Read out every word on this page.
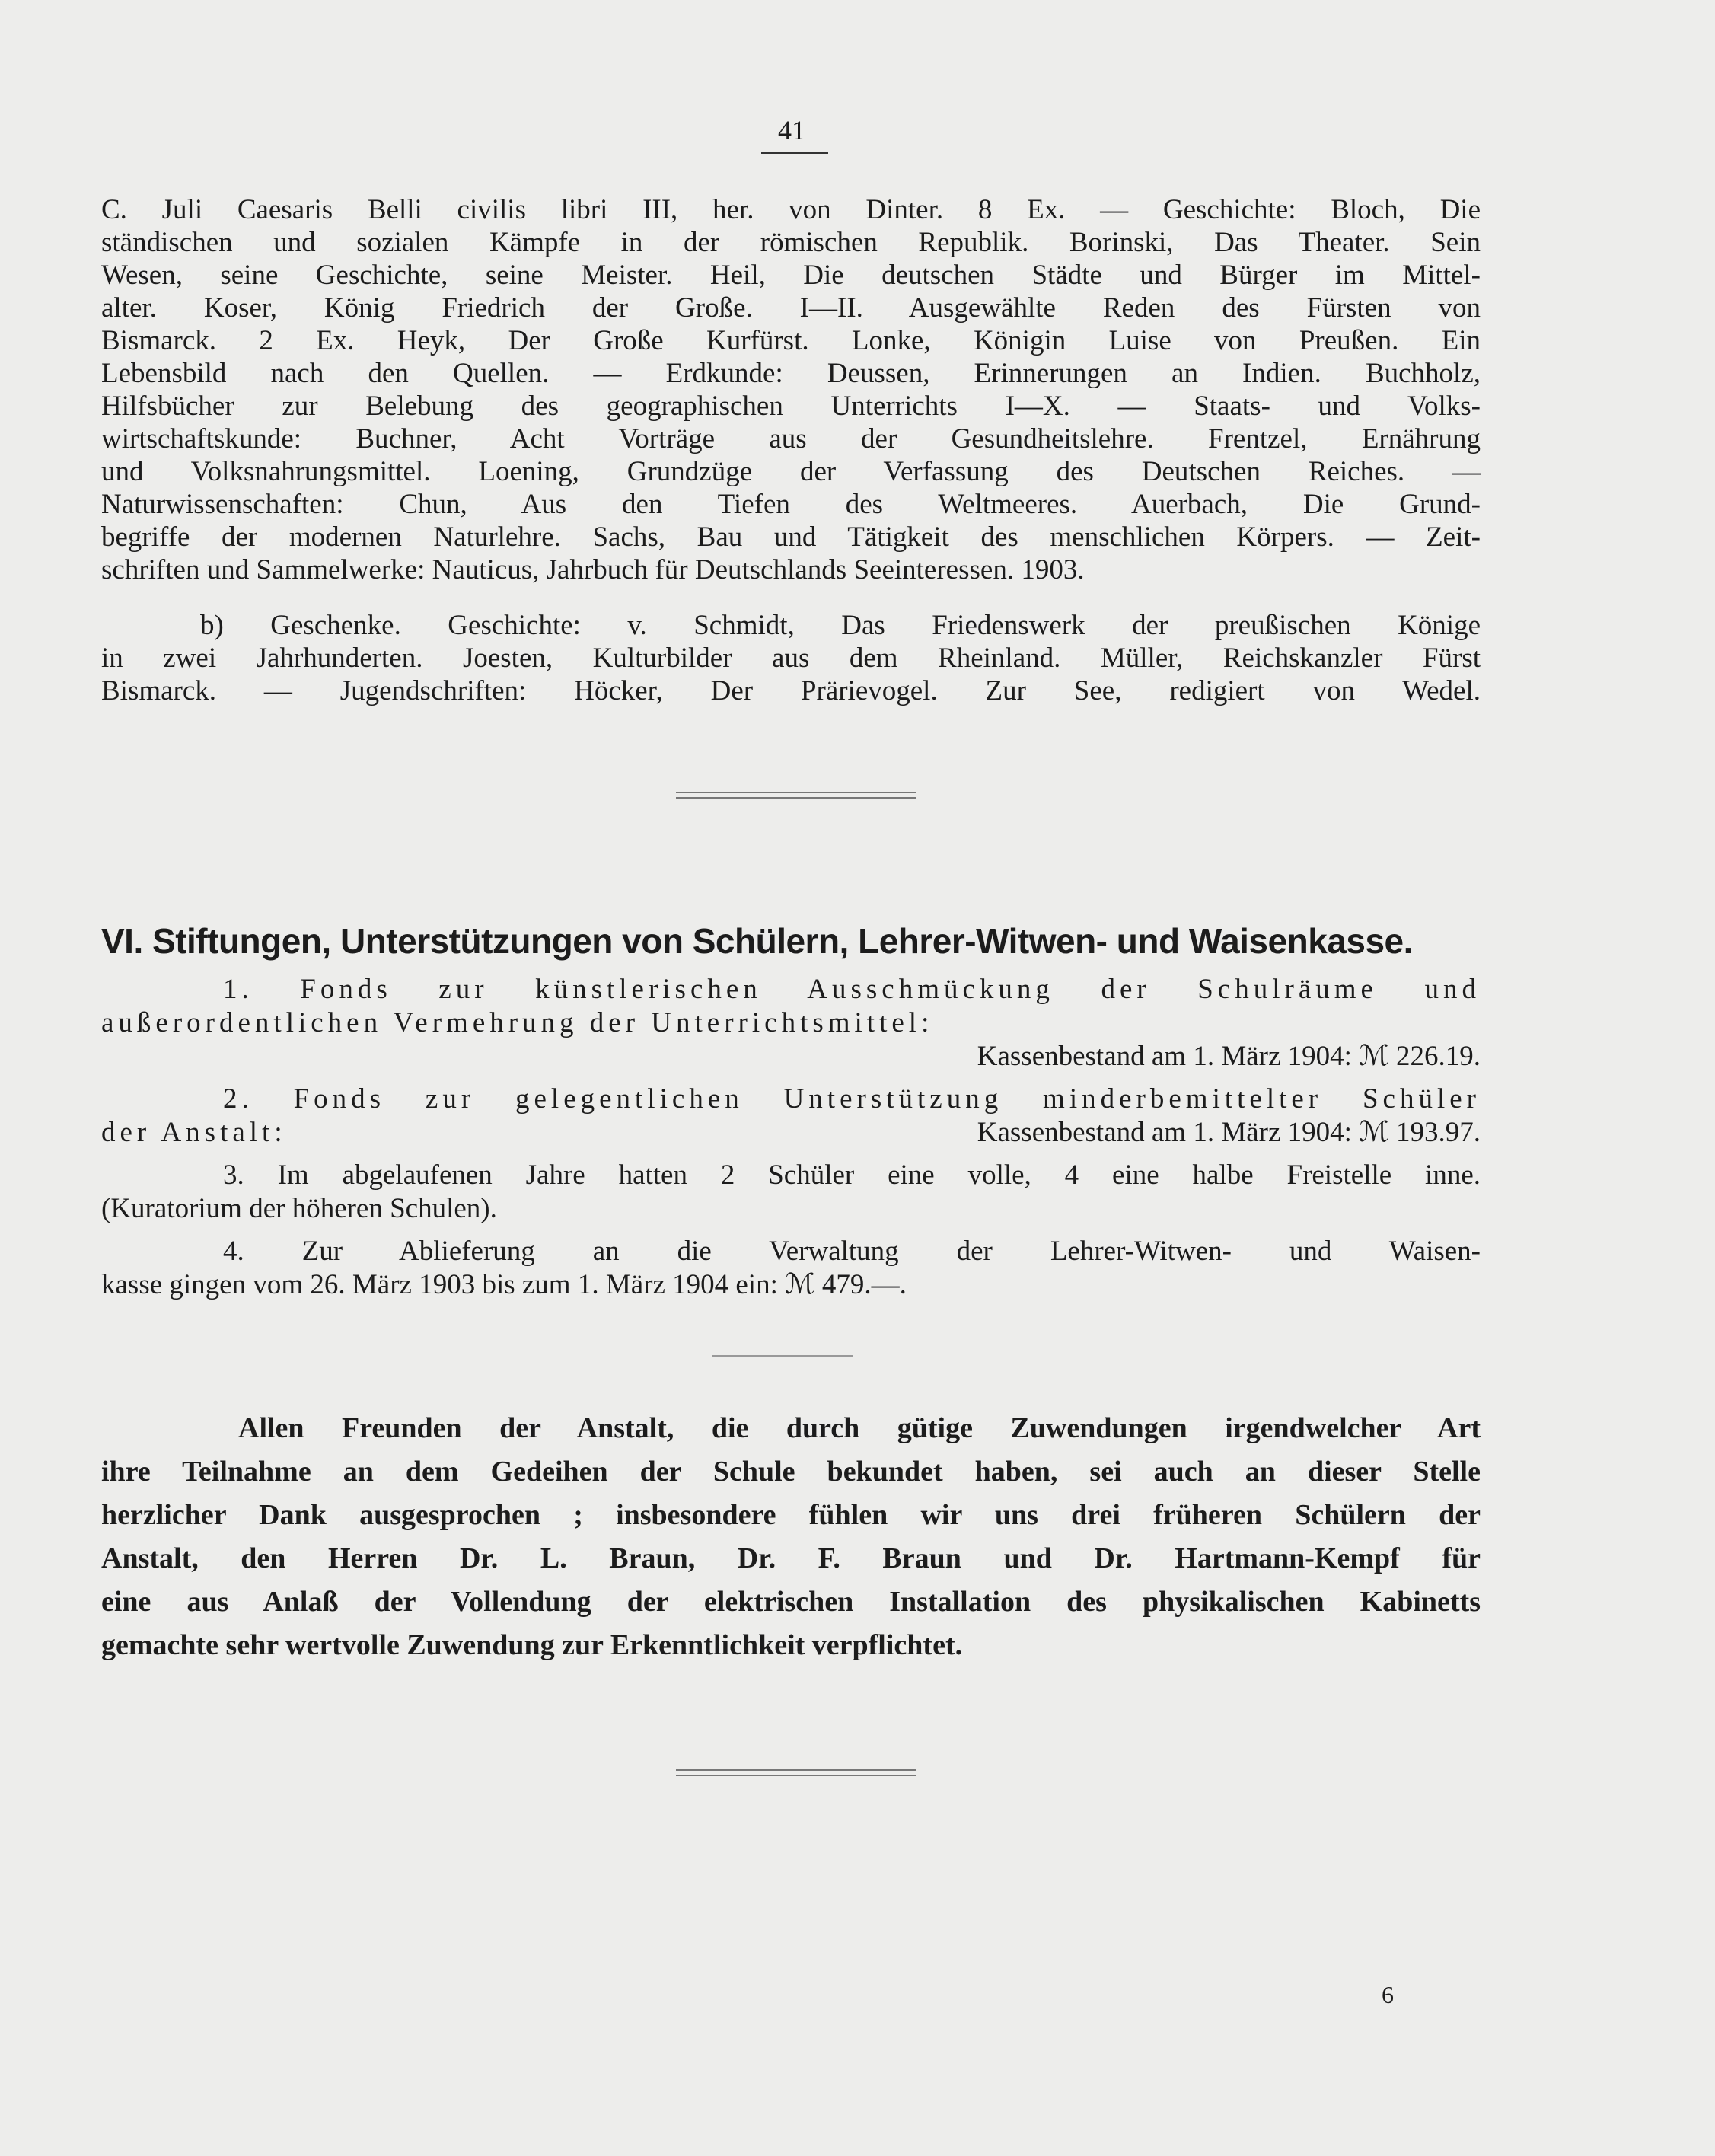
41
C. Juli Caesaris Belli civilis libri III, her. von Dinter. 8 Ex. — Geschichte: Bloch, Die
ständischen und sozialen Kämpfe in der römischen Republik. Borinski, Das Theater. Sein
Wesen, seine Geschichte, seine Meister. Heil, Die deutschen Städte und Bürger im Mittel-
alter. Koser, König Friedrich der Große. I—II. Ausgewählte Reden des Fürsten von
Bismarck. 2 Ex. Heyk, Der Große Kurfürst. Lonke, Königin Luise von Preußen. Ein
Lebensbild nach den Quellen. — Erdkunde: Deussen, Erinnerungen an Indien. Buchholz,
Hilfsbücher zur Belebung des geographischen Unterrichts I—X. — Staats- und Volks-
wirtschaftskunde: Buchner, Acht Vorträge aus der Gesundheitslehre. Frentzel, Ernährung
und Volksnahrungsmittel. Loening, Grundzüge der Verfassung des Deutschen Reiches. —
Naturwissenschaften: Chun, Aus den Tiefen des Weltmeeres. Auerbach, Die Grund-
begriffe der modernen Naturlehre. Sachs, Bau und Tätigkeit des menschlichen Körpers. — Zeit-
schriften und Sammelwerke: Nauticus, Jahrbuch für Deutschlands Seeinteressen. 1903.
b) Geschenke. Geschichte: v. Schmidt, Das Friedenswerk der preußischen Könige
in zwei Jahrhunderten. Joesten, Kulturbilder aus dem Rheinland. Müller, Reichskanzler Fürst
Bismarck. — Jugendschriften: Höcker, Der Prärievogel. Zur See, redigiert von Wedel.
VI. Stiftungen, Unterstützungen von Schülern, Lehrer-Witwen- und Waisenkasse.
1. Fonds zur künstlerischen Ausschmückung der Schulräume und
außerordentlichen Vermehrung der Unterrichtsmittel:
Kassenbestand am 1. März 1904: ℳ 226.19.
2. Fonds zur gelegentlichen Unterstützung minderbemittelter Schüler
der Anstalt:	Kassenbestand am 1. März 1904: ℳ 193.97.
3. Im abgelaufenen Jahre hatten 2 Schüler eine volle, 4 eine halbe Freistelle inne.
(Kuratorium der höheren Schulen).
4. Zur Ablieferung an die Verwaltung der Lehrer-Witwen- und Waisen-
kasse gingen vom 26. März 1903 bis zum 1. März 1904 ein: ℳ 479.—.
Allen Freunden der Anstalt, die durch gütige Zuwendungen irgendwelcher Art
ihre Teilnahme an dem Gedeihen der Schule bekundet haben, sei auch an dieser Stelle
herzlicher Dank ausgesprochen ; insbesondere fühlen wir uns drei früheren Schülern der
Anstalt, den Herren Dr. L. Braun, Dr. F. Braun und Dr. Hartmann-Kempf für
eine aus Anlaß der Vollendung der elektrischen Installation des physikalischen Kabinetts
gemachte sehr wertvolle Zuwendung zur Erkenntlichkeit verpflichtet.
6
